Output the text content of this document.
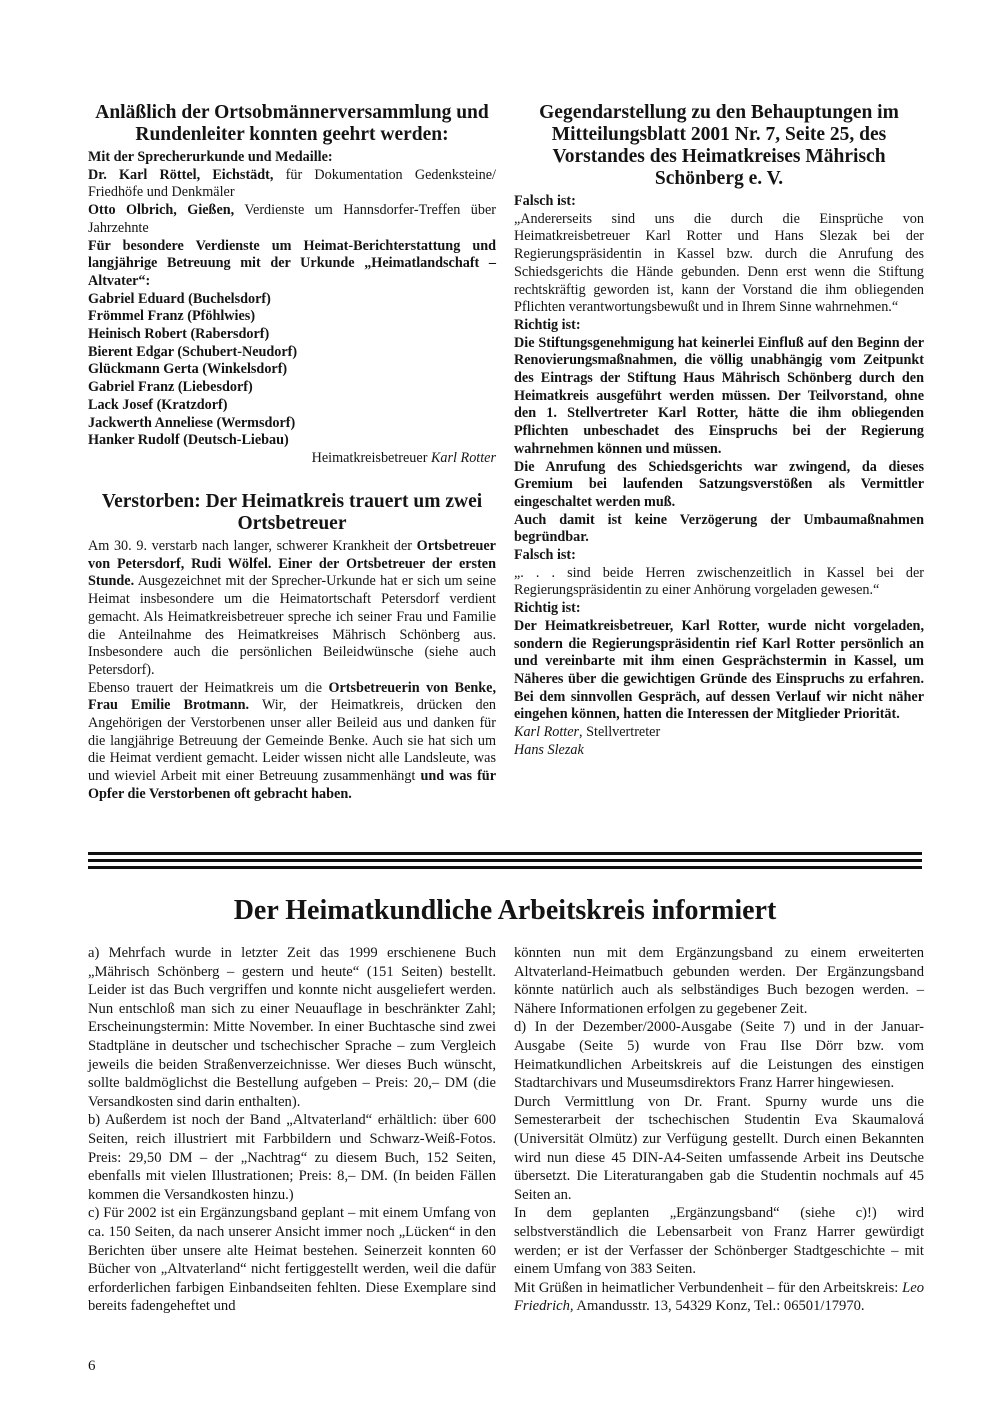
Anläßlich der Ortsobmännerversammlung und Rundenleiter konnten geehrt werden:

Mit der Sprecherurkunde und Medaille:

Dr. Karl Röttel, Eichstädt, für Dokumentation Gedenksteine/ Friedhöfe und Denkmäler

Otto Olbrich, Gießen, Verdienste um Hannsdorfer-Treffen über Jahrzehnte

Für besondere Verdienste um Heimat-Berichterstattung und langjährige Betreuung mit der Urkunde „Heimatlandschaft – Altvater“:

Gabriel Eduard (Buchelsdorf)

Frömmel Franz (Pföhlwies)

Heinisch Robert (Rabersdorf)

Bierent Edgar (Schubert-Neudorf)

Glückmann Gerta (Winkelsdorf)

Gabriel Franz (Liebesdorf)

Lack Josef (Kratzdorf)

Jackwerth Anneliese (Wermsdorf)

Hanker Rudolf (Deutsch-Liebau)

Heimatkreisbetreuer Karl Rotter

Verstorben: Der Heimatkreis trauert um zwei Ortsbetreuer

Am 30. 9. verstarb nach langer, schwerer Krankheit der Ortsbetreuer von Petersdorf, Rudi Wölfel. Einer der Ortsbetreuer der ersten Stunde. Ausgezeichnet mit der Sprecher-Urkunde hat er sich um seine Heimat insbesondere um die Heimatortschaft Petersdorf verdient gemacht. Als Heimatkreisbetreuer spreche ich seiner Frau und Familie die Anteilnahme des Heimatkreises Mährisch Schönberg aus. Insbesondere auch die persönlichen Beileidwünsche (siehe auch Petersdorf).

Ebenso trauert der Heimatkreis um die Ortsbetreuerin von Benke, Frau Emilie Brotmann. Wir, der Heimatkreis, drücken den Angehörigen der Verstorbenen unser aller Beileid aus und danken für die langjährige Betreuung der Gemeinde Benke. Auch sie hat sich um die Heimat verdient gemacht. Leider wissen nicht alle Landsleute, was und wieviel Arbeit mit einer Betreuung zusammenhängt und was für Opfer die Verstorbenen oft gebracht haben.

Gegendarstellung zu den Behauptungen im Mitteilungsblatt 2001 Nr. 7, Seite 25, des Vorstandes des Heimatkreises Mährisch Schönberg e. V.

Falsch ist:

„Andererseits sind uns die durch die Einsprüche von Heimatkreisbetreuer Karl Rotter und Hans Slezak bei der Regierungspräsidentin in Kassel bzw. durch die Anrufung des Schiedsgerichts die Hände gebunden. Denn erst wenn die Stiftung rechtskräftig geworden ist, kann der Vorstand die ihm obliegenden Pflichten verantwortungsbewußt und in Ihrem Sinne wahrnehmen.“

Richtig ist:

Die Stiftungsgenehmigung hat keinerlei Einfluß auf den Beginn der Renovierungsmaßnahmen, die völlig unabhängig vom Zeitpunkt des Eintrags der Stiftung Haus Mährisch Schönberg durch den Heimatkreis ausgeführt werden müssen. Der Teilvorstand, ohne den 1. Stellvertreter Karl Rotter, hätte die ihm obliegenden Pflichten unbeschadet des Einspruchs bei der Regierung wahrnehmen können und müssen.

Die Anrufung des Schiedsgerichts war zwingend, da dieses Gremium bei laufenden Satzungsverstößen als Vermittler eingeschaltet werden muß.

Auch damit ist keine Verzögerung der Umbaumaßnahmen begründbar.

Falsch ist:

„. . . sind beide Herren zwischenzeitlich in Kassel bei der Regierungspräsidentin zu einer Anhörung vorgeladen gewesen.“

Richtig ist:

Der Heimatkreisbetreuer, Karl Rotter, wurde nicht vorgeladen, sondern die Regierungspräsidentin rief Karl Rotter persönlich an und vereinbarte mit ihm einen Gesprächstermin in Kassel, um Näheres über die gewichtigen Gründe des Einspruchs zu erfahren. Bei dem sinnvollen Gespräch, auf dessen Verlauf wir nicht näher eingehen können, hatten die Interessen der Mitglieder Priorität.

Karl Rotter, Stellvertreter

Hans Slezak

Der Heimatkundliche Arbeitskreis informiert

a) Mehrfach wurde in letzter Zeit das 1999 erschienene Buch „Mährisch Schönberg – gestern und heute“ (151 Seiten) bestellt. Leider ist das Buch vergriffen und konnte nicht ausgeliefert werden. Nun entschloß man sich zu einer Neuauflage in beschränkter Zahl; Erscheinungstermin: Mitte November. In einer Buchtasche sind zwei Stadtpläne in deutscher und tschechischer Sprache – zum Vergleich jeweils die beiden Straßenverzeichnisse. Wer dieses Buch wünscht, sollte baldmöglichst die Bestellung aufgeben – Preis: 20,– DM (die Versandkosten sind darin enthalten).

b) Außerdem ist noch der Band „Altvaterland“ erhältlich: über 600 Seiten, reich illustriert mit Farbbildern und Schwarz-Weiß-Fotos. Preis: 29,50 DM – der „Nachtrag“ zu diesem Buch, 152 Seiten, ebenfalls mit vielen Illustrationen; Preis: 8,– DM. (In beiden Fällen kommen die Versandkosten hinzu.)

c) Für 2002 ist ein Ergänzungsband geplant – mit einem Umfang von ca. 150 Seiten, da nach unserer Ansicht immer noch „Lücken“ in den Berichten über unsere alte Heimat bestehen. Seinerzeit konnten 60 Bücher von „Altvaterland“ nicht fertiggestellt werden, weil die dafür erforderlichen farbigen Einbandseiten fehlten. Diese Exemplare sind bereits fadengeheftet und

könnten nun mit dem Ergänzungsband zu einem erweiterten Altvaterland-Heimatbuch gebunden werden. Der Ergänzungsband könnte natürlich auch als selbständiges Buch bezogen werden. – Nähere Informationen erfolgen zu gegebener Zeit.

d) In der Dezember/2000-Ausgabe (Seite 7) und in der Januar-Ausgabe (Seite 5) wurde von Frau Ilse Dörr bzw. vom Heimatkundlichen Arbeitskreis auf die Leistungen des einstigen Stadtarchivars und Museumsdirektors Franz Harrer hingewiesen.

Durch Vermittlung von Dr. Frant. Spurny wurde uns die Semesterarbeit der tschechischen Studentin Eva Skaumalová (Universität Olmütz) zur Verfügung gestellt. Durch einen Bekannten wird nun diese 45 DIN-A4-Seiten umfassende Arbeit ins Deutsche übersetzt. Die Literaturangaben gab die Studentin nochmals auf 45 Seiten an.

In dem geplanten „Ergänzungsband“ (siehe c)!) wird selbstverständlich die Lebensarbeit von Franz Harrer gewürdigt werden; er ist der Verfasser der Schönberger Stadtgeschichte – mit einem Umfang von 383 Seiten.

Mit Grüßen in heimatlicher Verbundenheit – für den Arbeitskreis: Leo Friedrich, Amandusstr. 13, 54329 Konz, Tel.: 06501/17970.

6
